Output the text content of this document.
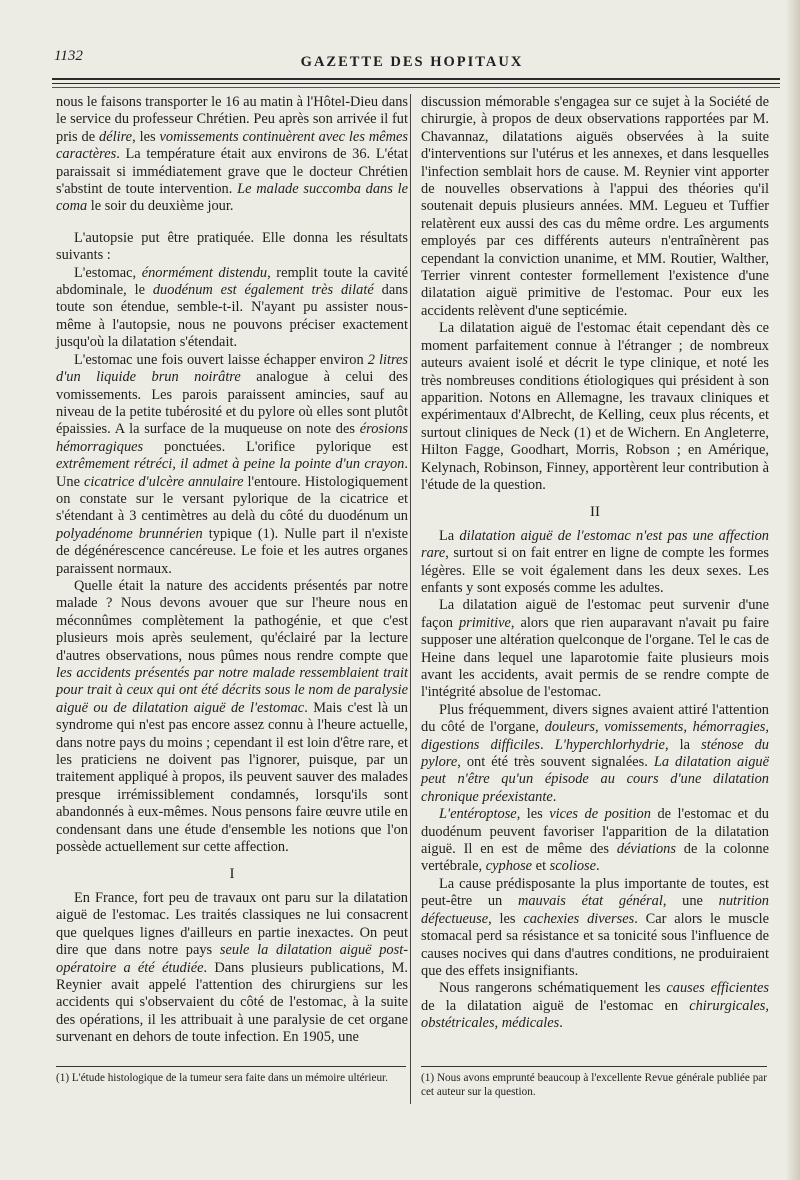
1132	GAZETTE DES HOPITAUX

nous le faisons transporter le 16 au matin à l'Hôtel-Dieu dans le service du professeur Chrétien. Peu après son arrivée il fut pris de délire, les vomissements continuèrent avec les mêmes caractères. La température était aux environs de 36. L'état paraissait si immédiatement grave que le docteur Chrétien s'abstint de toute intervention. Le malade succomba dans le coma le soir du deuxième jour.

L'autopsie put être pratiquée. Elle donna les résultats suivants :

L'estomac, énormément distendu, remplit toute la cavité abdominale, le duodénum est également très dilaté dans toute son étendue, semble-t-il. N'ayant pu assister nous-même à l'autopsie, nous ne pouvons préciser exactement jusqu'où la dilatation s'étendait.

L'estomac une fois ouvert laisse échapper environ 2 litres d'un liquide brun noirâtre analogue à celui des vomissements. Les parois paraissent amincies, sauf au niveau de la petite tubérosité et du pylore où elles sont plutôt épaissies. A la surface de la muqueuse on note des érosions hémorragiques ponctuées. L'orifice pylorique est extrêmement rétréci, il admet à peine la pointe d'un crayon. Une cicatrice d'ulcère annulaire l'entoure. Histologiquement on constate sur le versant pylorique de la cicatrice et s'étendant à 3 centimètres au delà du côté du duodénum un polyadénome brunnérien typique (1). Nulle part il n'existe de dégénérescence cancéreuse. Le foie et les autres organes paraissent normaux.

Quelle était la nature des accidents présentés par notre malade ? Nous devons avouer que sur l'heure nous en méconnûmes complètement la pathogénie, et que c'est plusieurs mois après seulement, qu'éclairé par la lecture d'autres observations, nous pûmes nous rendre compte que les accidents présentés par notre malade ressemblaient trait pour trait à ceux qui ont été décrits sous le nom de paralysie aiguë ou de dilatation aiguë de l'estomac. Mais c'est là un syndrome qui n'est pas encore assez connu à l'heure actuelle, dans notre pays du moins ; cependant il est loin d'être rare, et les praticiens ne doivent pas l'ignorer, puisque, par un traitement appliqué à propos, ils peuvent sauver des malades presque irrémissiblement condamnés, lorsqu'ils sont abandonnés à eux-mêmes. Nous pensons faire œuvre utile en condensant dans une étude d'ensemble les notions que l'on possède actuellement sur cette affection.

I

En France, fort peu de travaux ont paru sur la dilatation aiguë de l'estomac. Les traités classiques ne lui consacrent que quelques lignes d'ailleurs en partie inexactes. On peut dire que dans notre pays seule la dilatation aiguë post-opératoire a été étudiée. Dans plusieurs publications, M. Reynier avait appelé l'attention des chirurgiens sur les accidents qui s'observaient du côté de l'estomac, à la suite des opérations, il les attribuait à une paralysie de cet organe survenant en dehors de toute infection. En 1905, une

(1) L'étude histologique de la tumeur sera faite dans un mémoire ultérieur.

discussion mémorable s'engagea sur ce sujet à la Société de chirurgie, à propos de deux observations rapportées par M. Chavannaz, dilatations aiguës observées à la suite d'interventions sur l'utérus et les annexes, et dans lesquelles l'infection semblait hors de cause. M. Reynier vint apporter de nouvelles observations à l'appui des théories qu'il soutenait depuis plusieurs années. MM. Legueu et Tuffier relatèrent eux aussi des cas du même ordre. Les arguments employés par ces différents auteurs n'entraînèrent pas cependant la conviction unanime, et MM. Routier, Walther, Terrier vinrent contester formellement l'existence d'une dilatation aiguë primitive de l'estomac. Pour eux les accidents relèvent d'une septicémie.

La dilatation aiguë de l'estomac était cependant dès ce moment parfaitement connue à l'étranger ; de nombreux auteurs avaient isolé et décrit le type clinique, et noté les très nombreuses conditions étiologiques qui président à son apparition. Notons en Allemagne, les travaux cliniques et expérimentaux d'Albrecht, de Kelling, ceux plus récents, et surtout cliniques de Neck (1) et de Wichern. En Angleterre, Hilton Fagge, Goodhart, Morris, Robson ; en Amérique, Kelynach, Robinson, Finney, apportèrent leur contribution à l'étude de la question.

II

La dilatation aiguë de l'estomac n'est pas une affection rare, surtout si on fait entrer en ligne de compte les formes légères. Elle se voit également dans les deux sexes. Les enfants y sont exposés comme les adultes.

La dilatation aiguë de l'estomac peut survenir d'une façon primitive, alors que rien auparavant n'avait pu faire supposer une altération quelconque de l'organe. Tel le cas de Heine dans lequel une laparotomie faite plusieurs mois avant les accidents, avait permis de se rendre compte de l'intégrité absolue de l'estomac.

Plus fréquemment, divers signes avaient attiré l'attention du côté de l'organe, douleurs, vomissements, hémorragies, digestions difficiles. L'hyperchlorhydrie, la sténose du pylore, ont été très souvent signalées. La dilatation aiguë peut n'être qu'un épisode au cours d'une dilatation chronique préexistante.

L'entéroptose, les vices de position de l'estomac et du duodénum peuvent favoriser l'apparition de la dilatation aiguë. Il en est de même des déviations de la colonne vertébrale, cyphose et scoliose.

La cause prédisposante la plus importante de toutes, est peut-être un mauvais état général, une nutrition défectueuse, les cachexies diverses. Car alors le muscle stomacal perd sa résistance et sa tonicité sous l'influence de causes nocives qui dans d'autres conditions, ne produiraient que des effets insignifiants.

Nous rangerons schématiquement les causes efficientes de la dilatation aiguë de l'estomac en chirurgicales, obstétricales, médicales.

(1) Nous avons emprunté beaucoup à l'excellente Revue générale publiée par cet auteur sur la question.
